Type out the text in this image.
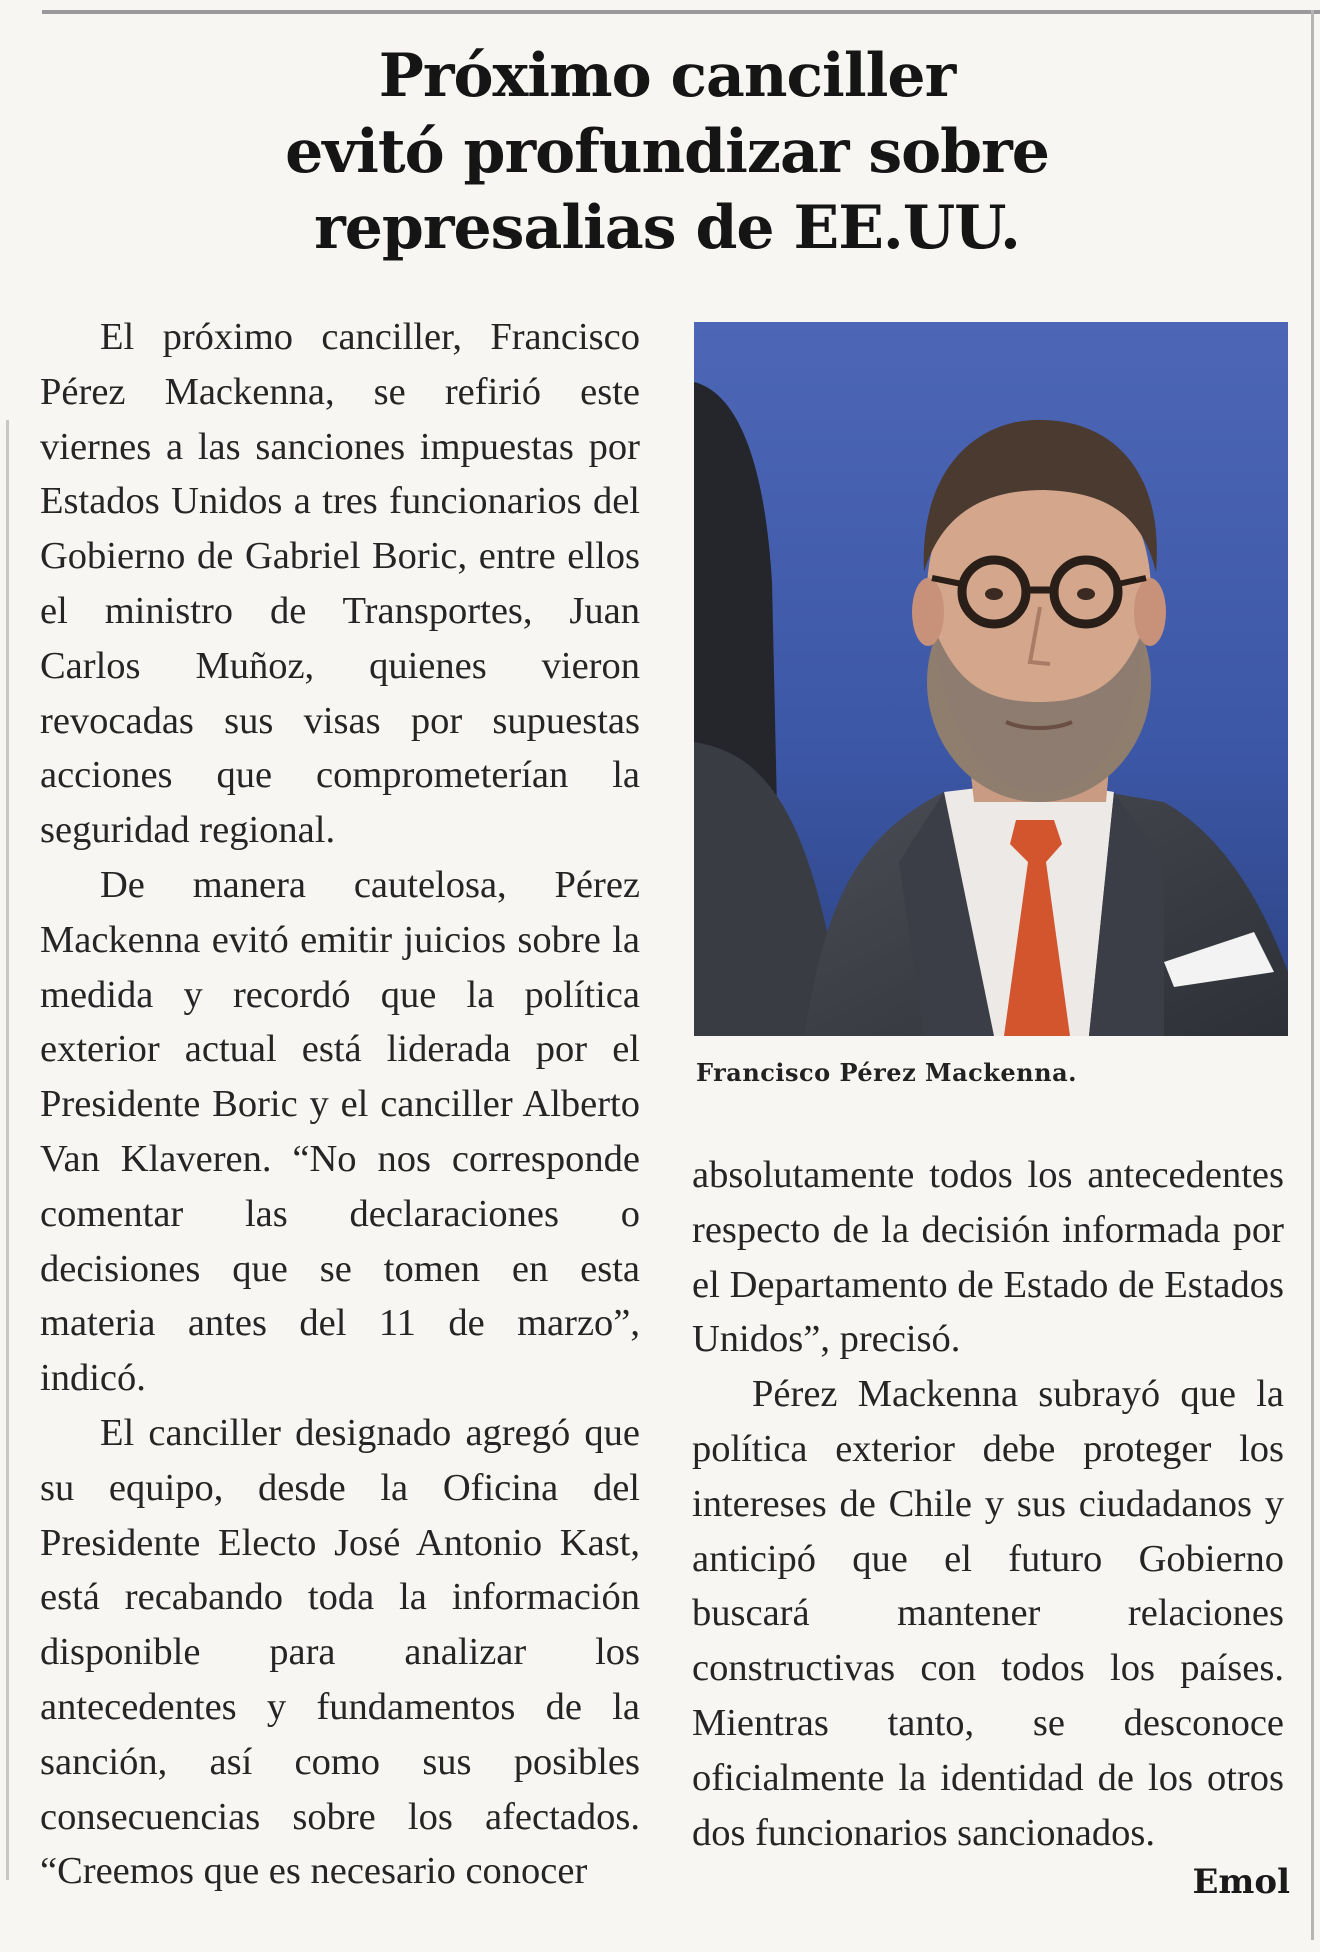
Próximo canciller
evitó profundizar sobre
represalias de EE.UU.

El próximo canciller, Francisco Pérez Mackenna, se refirió este viernes a las sanciones impuestas por Estados Unidos a tres funcionarios del Gobierno de Gabriel Boric, entre ellos el ministro de Transportes, Juan Carlos Muñoz, quienes vieron revocadas sus visas por supuestas acciones que comprometerían la seguridad regional.

De manera cautelosa, Pérez Mackenna evitó emitir juicios sobre la medida y recordó que la política exterior actual está liderada por el Presidente Boric y el canciller Alberto Van Klaveren. “No nos corresponde comentar las declaraciones o decisiones que se tomen en esta materia antes del 11 de marzo”, indicó.

El canciller designado agregó que su equipo, desde la Oficina del Presidente Electo José Antonio Kast, está recabando toda la información disponible para analizar los antecedentes y fundamentos de la sanción, así como sus posibles consecuencias sobre los afectados. “Creemos que es necesario conocer

Francisco Pérez Mackenna.

absolutamente todos los antecedentes respecto de la decisión informada por el Departamento de Estado de Estados Unidos”, precisó.

Pérez Mackenna subrayó que la política exterior debe proteger los intereses de Chile y sus ciudadanos y anticipó que el futuro Gobierno buscará mantener relaciones constructivas con todos los países. Mientras tanto, se desconoce oficialmente la identidad de los otros dos funcionarios sancionados.

Emol
